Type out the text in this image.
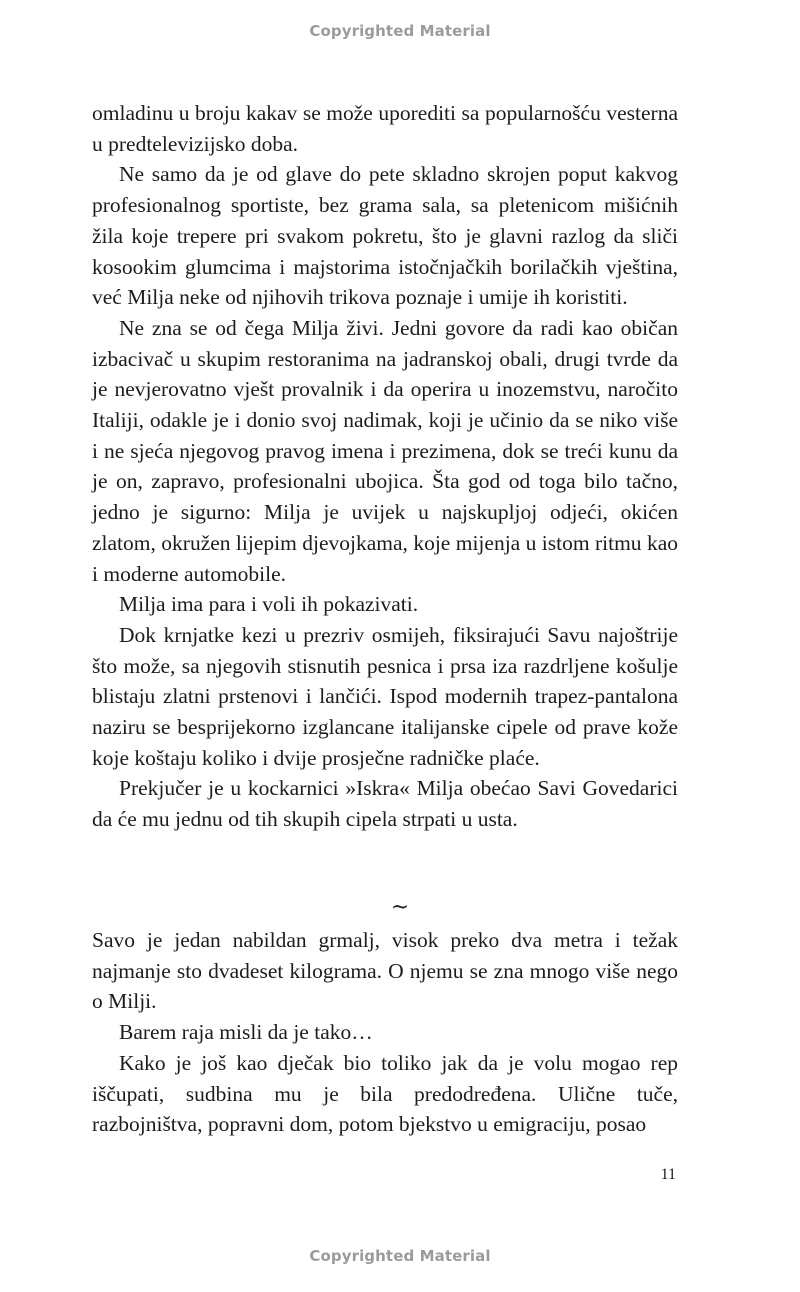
Copyrighted Material

omladinu u broju kakav se može uporediti sa popularnošću vesterna u predtelevizijsko doba.

Ne samo da je od glave do pete skladno skrojen poput kakvog profesionalnog sportiste, bez grama sala, sa pletenicom mišićnih žila koje trepere pri svakom pokretu, što je glavni razlog da sliči kosookim glumcima i majstorima istočnjačkih borilačkih vještina, već Milja neke od njihovih trikova poznaje i umije ih koristiti.

Ne zna se od čega Milja živi. Jedni govore da radi kao običan izbacivač u skupim restoranima na jadranskoj obali, drugi tvrde da je nevjerovatno vješt provalnik i da operira u inozemstvu, naročito Italiji, odakle je i donio svoj nadimak, koji je učinio da se niko više i ne sjeća njegovog pravog imena i prezimena, dok se treći kunu da je on, zapravo, profesionalni ubojica. Šta god od toga bilo tačno, jedno je sigurno: Milja je uvijek u najskupljoj odjeći, okićen zlatom, okružen lijepim djevojkama, koje mijenja u istom ritmu kao i moderne automobile.

Milja ima para i voli ih pokazivati.

Dok krnjatke kezi u prezriv osmijeh, fiksirajući Savu najoštrije što može, sa njegovih stisnutih pesnica i prsa iza razdrljene košulje blistaju zlatni prstenovi i lančići. Ispod modernih trapez-pantalona naziru se besprijekorno izglancane italijanske cipele od prave kože koje koštaju koliko i dvije prosječne radničke plaće.

Prekjučer je u kockarnici »Iskra« Milja obećao Savi Govedarici da će mu jednu od tih skupih cipela strpati u usta.

~

Savo je jedan nabildan grmalj, visok preko dva metra i težak najmanje sto dvadeset kilograma. O njemu se zna mnogo više nego o Milji.

Barem raja misli da je tako…

Kako je još kao dječak bio toliko jak da je volu mogao rep iščupati, sudbina mu je bila predodređena. Ulične tuče, razbojništva, popravni dom, potom bjekstvo u emigraciju, posao

11
Copyrighted Material
